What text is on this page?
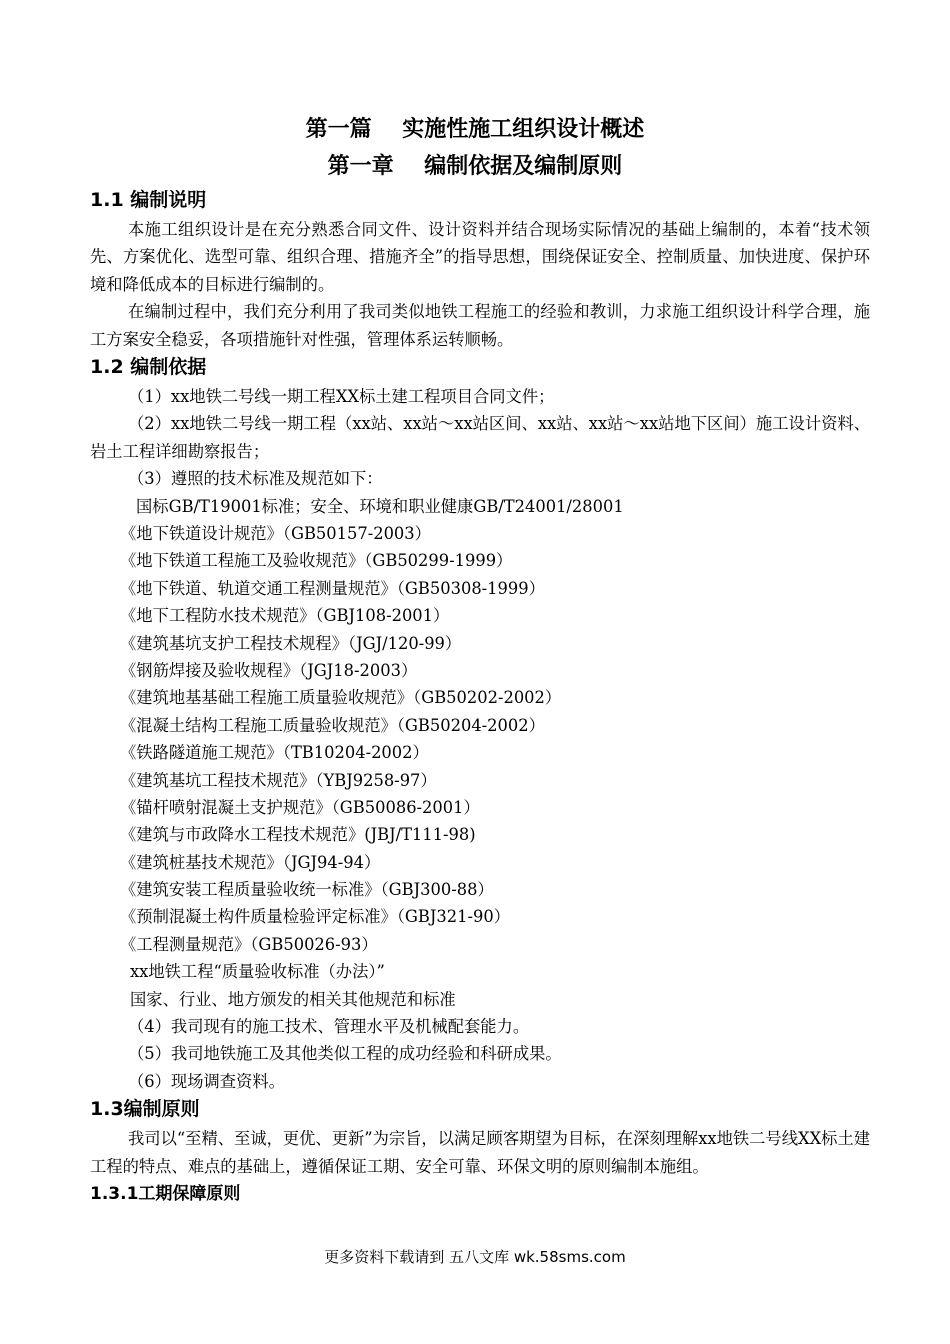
第一篇    实施性施工组织设计概述
第一章    编制依据及编制原则
1.1 编制说明

本施工组织设计是在充分熟悉合同文件、设计资料并结合现场实际情况的基础上编制的，本着“技术领先、方案优化、选型可靠、组织合理、措施齐全”的指导思想，围绕保证安全、控制质量、加快进度、保护环境和降低成本的目标进行编制的。

在编制过程中，我们充分利用了我司类似地铁工程施工的经验和教训，力求施工组织设计科学合理，施工方案安全稳妥，各项措施针对性强，管理体系运转顺畅。

1.2 编制依据
（1）xx地铁二号线一期工程XX标土建工程项目合同文件；

（2）xx地铁二号线一期工程（xx站、xx站～xx站区间、xx站、xx站～xx站地下区间）施工设计资料、岩土工程详细勘察报告；

（3）遵照的技术标准及规范如下：
国标GB/T19001标准；安全、环境和职业健康GB/T24001/28001
《地下铁道设计规范》（GB50157-2003）
《地下铁道工程施工及验收规范》（GB50299-1999）
《地下铁道、轨道交通工程测量规范》（GB50308-1999）
《地下工程防水技术规范》（GBJ108-2001）
《建筑基坑支护工程技术规程》（JGJ/120-99）
《钢筋焊接及验收规程》（JGJ18-2003）
《建筑地基基础工程施工质量验收规范》（GB50202-2002）
《混凝土结构工程施工质量验收规范》（GB50204-2002）
《铁路隧道施工规范》（TB10204-2002）
《建筑基坑工程技术规范》（YBJ9258-97）
《锚杆喷射混凝土支护规范》（GB50086-2001）
《建筑与市政降水工程技术规范》(JBJ/T111-98)
《建筑桩基技术规范》（JGJ94-94）
《建筑安装工程质量验收统一标准》（GBJ300-88）
《预制混凝土构件质量检验评定标准》（GBJ321-90）
《工程测量规范》（GB50026-93）
xx地铁工程“质量验收标准（办法）”
国家、行业、地方颁发的相关其他规范和标准
（4）我司现有的施工技术、管理水平及机械配套能力。
（5）我司地铁施工及其他类似工程的成功经验和科研成果。
（6）现场调查资料。
1.3编制原则

我司以“至精、至诚，更优、更新”为宗旨，以满足顾客期望为目标，在深刻理解xx地铁二号线XX标土建工程的特点、难点的基础上，遵循保证工期、安全可靠、环保文明的原则编制本施组。

1.3.1工期保障原则
更多资料下载请到 五八文库 wk.58sms.com
